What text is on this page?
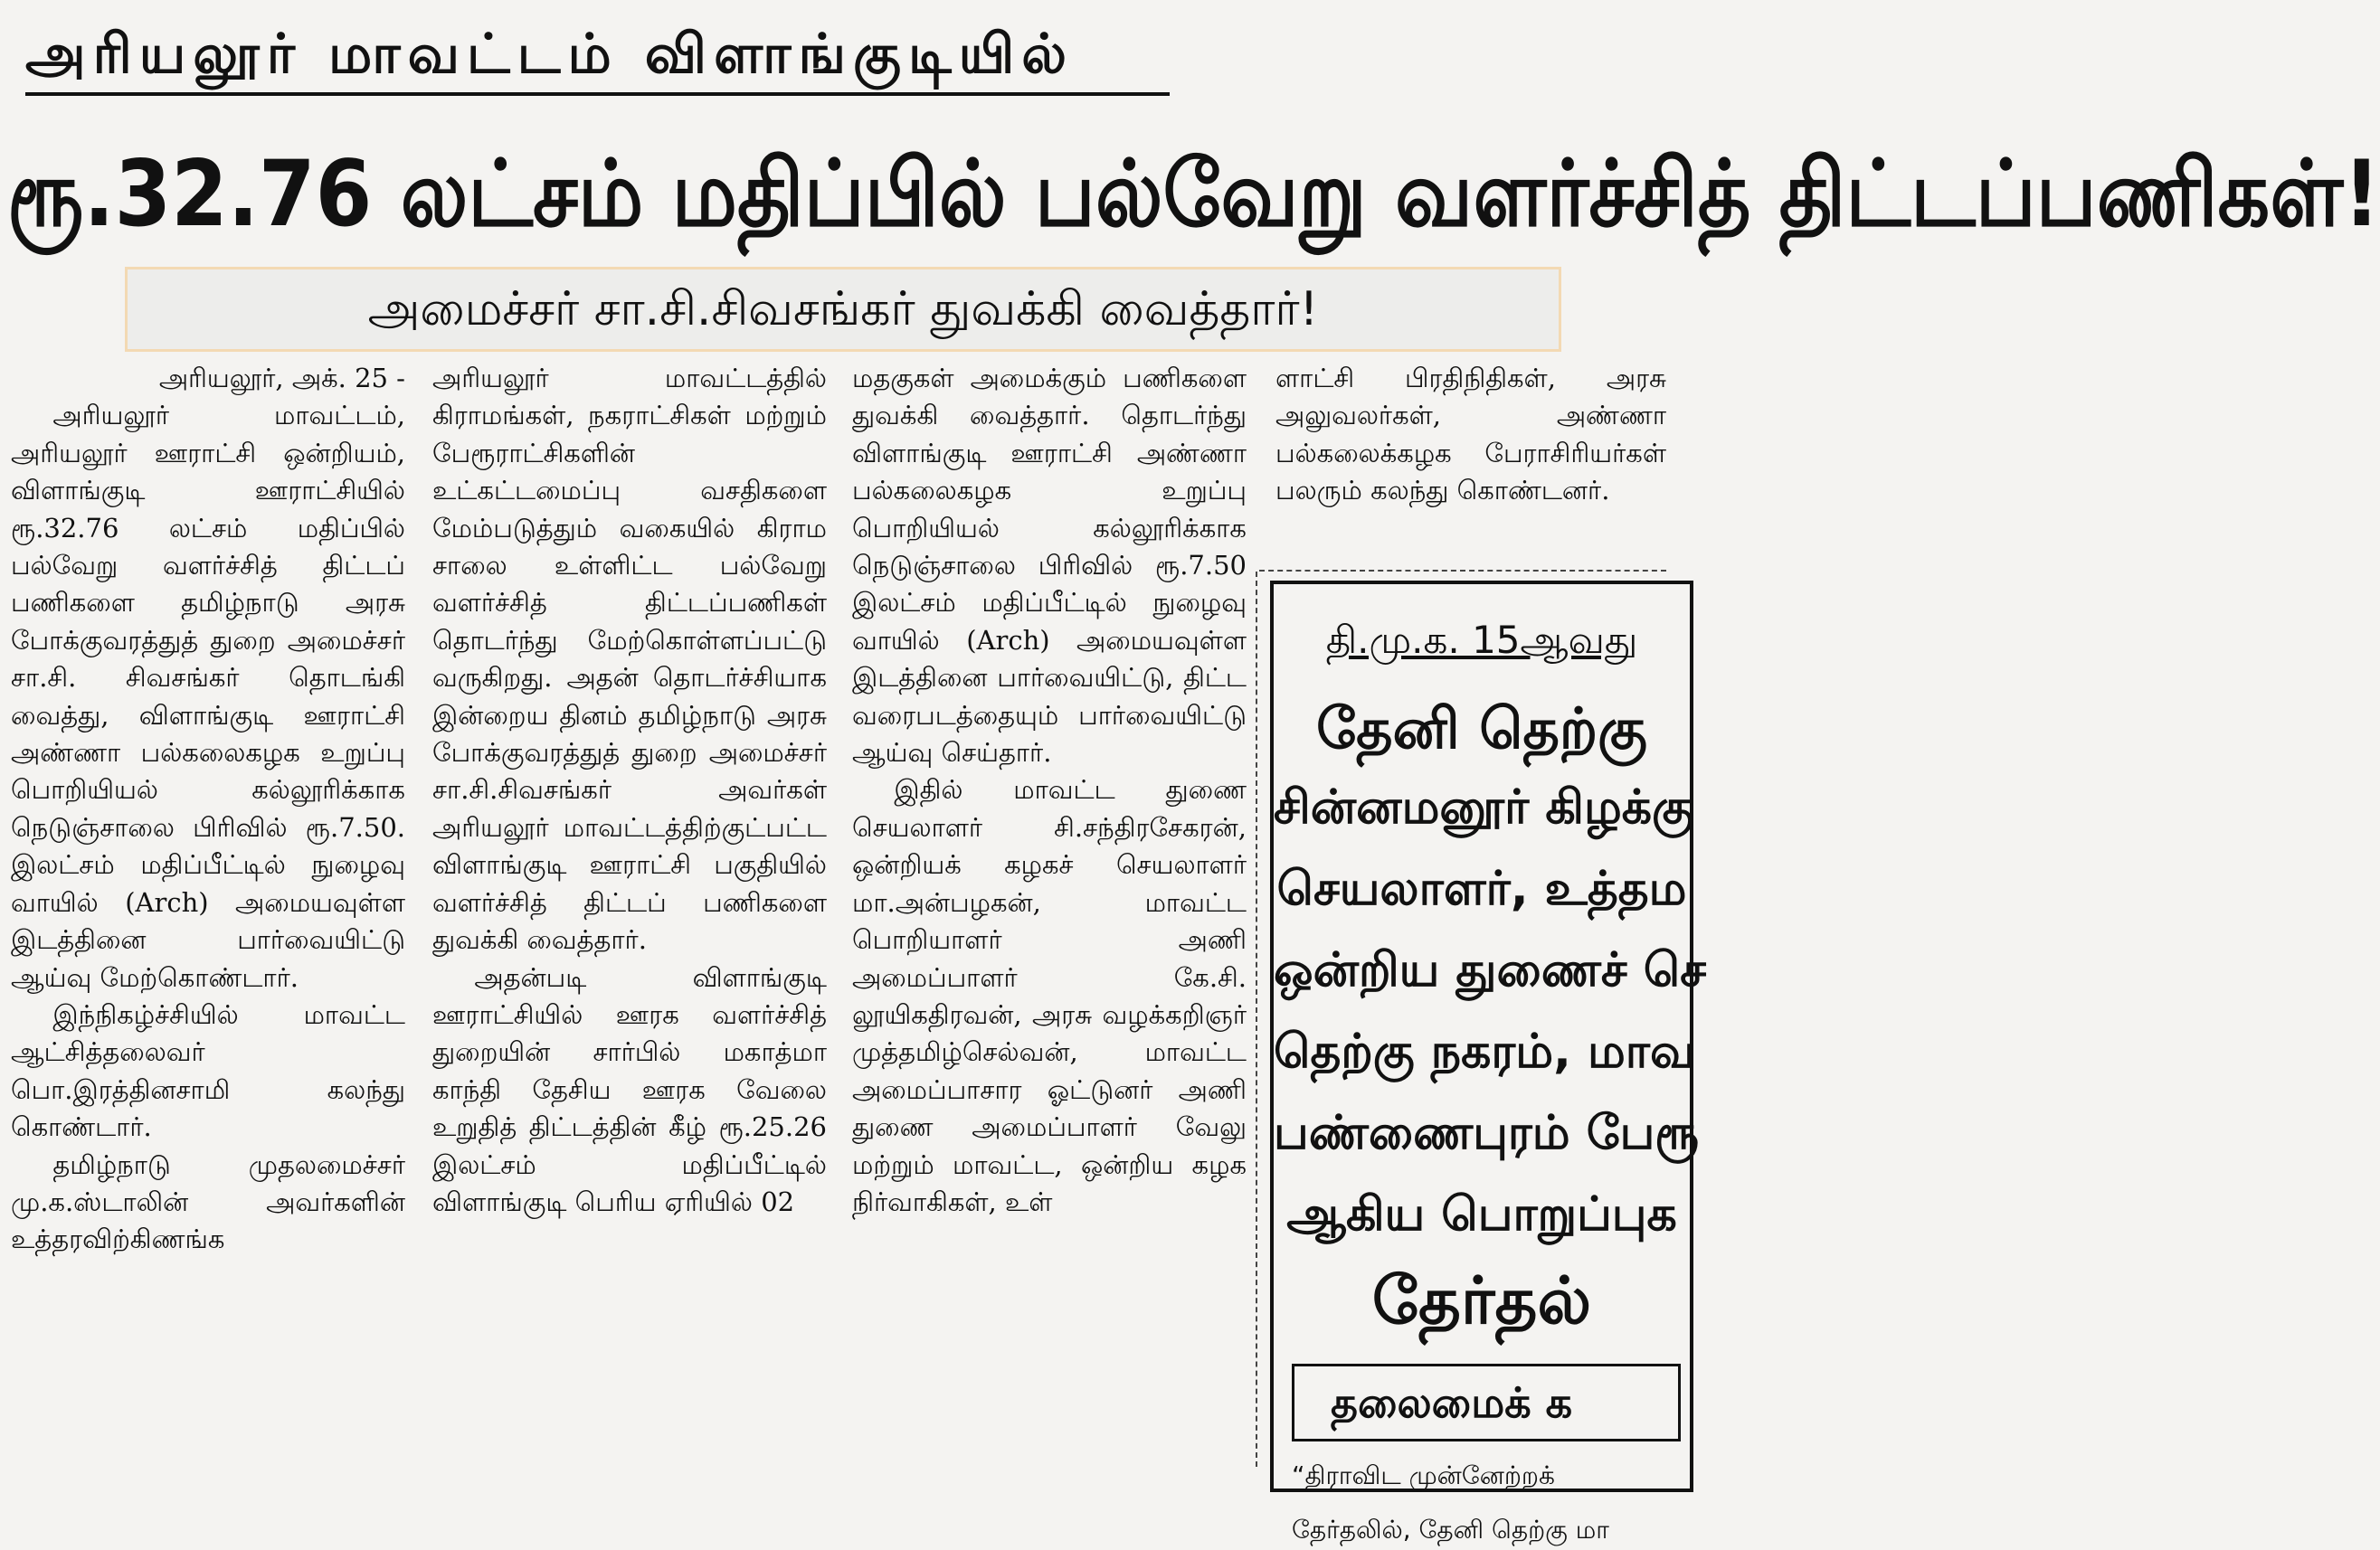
அரியலூர் மாவட்டம் விளாங்குடியில்
ரூ.32.76 லட்சம் மதிப்பில் பல்வேறு வளர்ச்சித் திட்டப்பணிகள்!
அமைச்சர் சா.சி.சிவசங்கர் துவக்கி வைத்தார்!

அரியலூர், அக். 25 -

அரியலூர் மாவட்டம், அரியலூர் ஊராட்சி ஒன்றியம், விளாங்குடி ஊராட்சியில் ரூ.32.76 லட்சம் மதிப்பில் பல்வேறு வளர்ச்சித் திட்டப் பணிகளை தமிழ்நாடு அரசு போக்குவரத்துத் துறை அமைச்சர் சா.சி. சிவசங்கர் தொடங்கி வைத்து, விளாங்குடி ஊராட்சி அண்ணா பல்கலைகழக உறுப்பு பொறியியல் கல்லூரிக்காக நெடுஞ்சாலை பிரிவில் ரூ.7.50. இலட்சம் மதிப்பீட்டில் நுழைவு வாயில் (Arch) அமையவுள்ள இடத்தினை பார்வையிட்டு ஆய்வு மேற்கொண்டார்.

இந்நிகழ்ச்சியில் மாவட்ட ஆட்சித்தலைவர் பொ.இரத்தினசாமி கலந்து கொண்டார்.

தமிழ்நாடு முதலமைச்சர் மு.க.ஸ்டாலின் அவர்களின் உத்தரவிற்கிணங்க

அரியலூர் மாவட்டத்தில் கிராமங்கள், நகராட்சிகள் மற்றும் பேரூராட்சிகளின் உட்கட்டமைப்பு வசதிகளை மேம்படுத்தும் வகையில் கிராம சாலை உள்ளிட்ட பல்வேறு வளர்ச்சித் திட்டப்பணிகள் தொடர்ந்து மேற்கொள்ளப்பட்டு வருகிறது. அதன் தொடர்ச்சியாக இன்றைய தினம் தமிழ்நாடு அரசு போக்குவரத்துத் துறை அமைச்சர் சா.சி.சிவசங்கர் அவர்கள் அரியலூர் மாவட்டத்திற்குட்பட்ட விளாங்குடி ஊராட்சி பகுதியில் வளர்ச்சித் திட்டப் பணிகளை துவக்கி வைத்தார்.

அதன்படி விளாங்குடி ஊராட்சியில் ஊரக வளர்ச்சித் துறையின் சார்பில் மகாத்மா காந்தி தேசிய ஊரக வேலை உறுதித் திட்டத்தின் கீழ் ரூ.25.26 இலட்சம் மதிப்பீட்டில் விளாங்குடி பெரிய ஏரியில் 02

மதகுகள் அமைக்கும் பணிகளை துவக்கி வைத்தார். தொடர்ந்து விளாங்குடி ஊராட்சி அண்ணா பல்கலைகழக உறுப்பு பொறியியல் கல்லூரிக்காக நெடுஞ்சாலை பிரிவில் ரூ.7.50 இலட்சம் மதிப்பீட்டில் நுழைவு வாயில் (Arch) அமையவுள்ள இடத்தினை பார்வையிட்டு, திட்ட வரைபடத்தையும் பார்வையிட்டு ஆய்வு செய்தார்.

இதில் மாவட்ட துணை செயலாளர் சி.சந்திரசேகரன், ஒன்றியக் கழகச் செயலாளர் மா.அன்பழகன், மாவட்ட பொறியாளர் அணி அமைப்பாளர் கே.சி. லூயிகதிரவன், அரசு வழக்கறிஞர் முத்தமிழ்செல்வன், மாவட்ட அமைப்பாசார ஓட்டுனர் அணி துணை அமைப்பாளர் வேலு மற்றும் மாவட்ட, ஒன்றிய கழக நிர்வாகிகள், உள்

ளாட்சி பிரதிநிதிகள், அரசு அலுவலர்கள், அண்ணா பல்கலைக்கழக பேராசிரியர்கள் பலரும் கலந்து கொண்டனர்.

தி.மு.க. 15ஆவது
தேனி தெற்கு
சின்னமனூர் கிழக்கு
செயலாளர், உத்தம
ஒன்றிய துணைச் செ
தெற்கு நகரம், மாவ
பண்ணைபுரம் பேரூ
ஆகிய பொறுப்புக
தேர்தல்
தலைமைக் க
“திராவிட முன்னேற்றக்
தேர்தலில், தேனி தெற்கு மா
